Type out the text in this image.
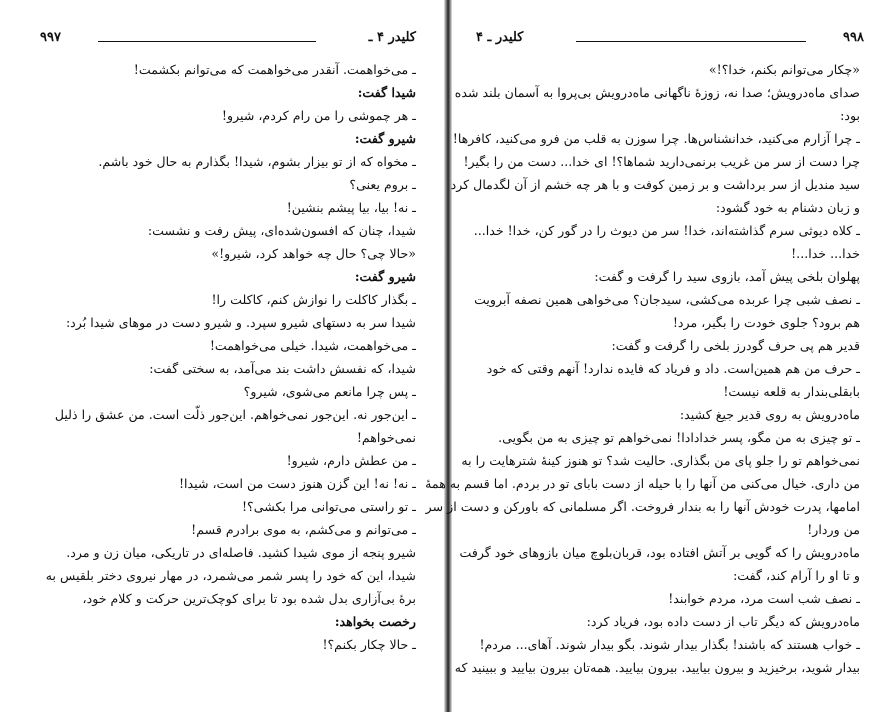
۹۹۷	کلیدر ۴ ـ
ـ می‌خواهمت. آنقدر می‌خواهمت که می‌توانم بکشمت!
شیدا گفت:
ـ هر چموشی را من رام کردم، شیرو!
شیرو گفت:
ـ مخواه که از تو بیزار بشوم، شیدا! بگذارم به حال خود باشم.
ـ بروم یعنی؟
ـ نه! بیا، بیا پیشم بنشین!
شیدا، چنان که افسون‌شده‌ای، پیش رفت و نشست:
«حالا چی؟ حال چه خواهد کرد، شیرو!»
شیرو گفت:
ـ بگذار کاکلت را نوازش کنم، کاکلت را!
شیدا سر به دستهای شیرو سپرد. و شیرو دست در موهای شیدا بُرد:
ـ می‌خواهمت، شیدا. خیلی می‌خواهمت!
شیدا، که نفسش داشت بند می‌آمد، به سختی گفت:
ـ پس چرا مانعم می‌شوی، شیرو؟
ـ این‌جور نه. این‌جور نمی‌خواهم. این‌جور ذلّت است. من عشق را ذلیل
نمی‌خواهم!
ـ من عطش دارم، شیرو!
ـ نه! نه! این گزن هنوز دست من است، شیدا!
ـ تو راستی می‌توانی مرا بکشی؟!
ـ می‌توانم و می‌کشم، به موی برادرم قسم!
شیرو پنجه از موی شیدا کشید. فاصله‌ای در تاریکی، میان زن و مرد.
شیدا، این که خود را پسر شمر می‌شمرد، در مهار نیروی دختر بلقیس به
برهٔ بی‌آزاری بدل شده بود تا برای کوچک‌ترین حرکت و کلام خود،
رخصت بخواهد:
ـ حالا چکار بکنم؟!
کلیدر ـ ۴	۹۹۸
«چکار می‌توانم بکنم، خدا؟!»
صدای ماه‌درویش؛ صدا نه، زوزهٔ ناگهانی ماه‌درویش بی‌پروا به آسمان بلند شده
بود:
ـ چرا آزارم می‌کنید، خدانشناس‌ها. چرا سوزن به قلب من فرو می‌کنید، کافرها!
چرا دست از سر من غریب برنمی‌دارید شماها؟! ای خدا... دست من را بگیر!
سید مندیل از سر برداشت و بر زمین کوفت و با هر چه خشم از آن لگدمال کرد
و زبان دشنام به خود گشود:
ـ کلاه دیوثی سرم گذاشته‌اند، خدا! سر من دیوث را در گور کن، خدا! خدا...
خدا... خدا...!
پهلوان بلخی پیش آمد، بازوی سید را گرفت و گفت:
ـ نصف شبی چرا عربده می‌کشی، سیدجان؟ می‌خواهی همین نصفه آبرویت
هم برود؟ جلوی خودت را بگیر، مرد!
قدیر هم پی حرف گودرز بلخی را گرفت و گفت:
ـ حرف من هم همین‌است. داد و فریاد که فایده ندارد! آنهم وقتی که خود
بابقلی‌بندار به قلعه نیست!
ماه‌درویش به روی قدیر جیغ کشید:
ـ تو چیزی به من مگو، پسر خدادادا! نمی‌خواهم تو چیزی به من بگویی.
نمی‌خواهم تو را جلو پای من بگذاری. حالیت شد؟ تو هنوز کینهٔ شترهایت را به
من داری. خیال می‌کنی من آنها را با حیله از دست بابای تو در بردم. اما قسم به همهٔ
امامها، پدرت خودش آنها را به بندار فروخت. اگر مسلمانی که باورکن و دست از سر
من وردار!
ماه‌درویش را که گویی بر آتش افتاده بود، قربان‌بلوچ میان بازوهای خود گرفت
و تا او را آرام کند، گفت:
ـ نصف شب است مرد، مردم خوابند!
ماه‌درویش که دیگر تاب از دست داده بود، فریاد کرد:
ـ خواب هستند که باشند! بگذار بیدار شوند. بگو بیدار شوند. آهای... مردم!
بیدار شوید، برخیزید و بیرون بیایید. بیرون بیایید. همه‌تان بیرون بیایید و ببینید که
